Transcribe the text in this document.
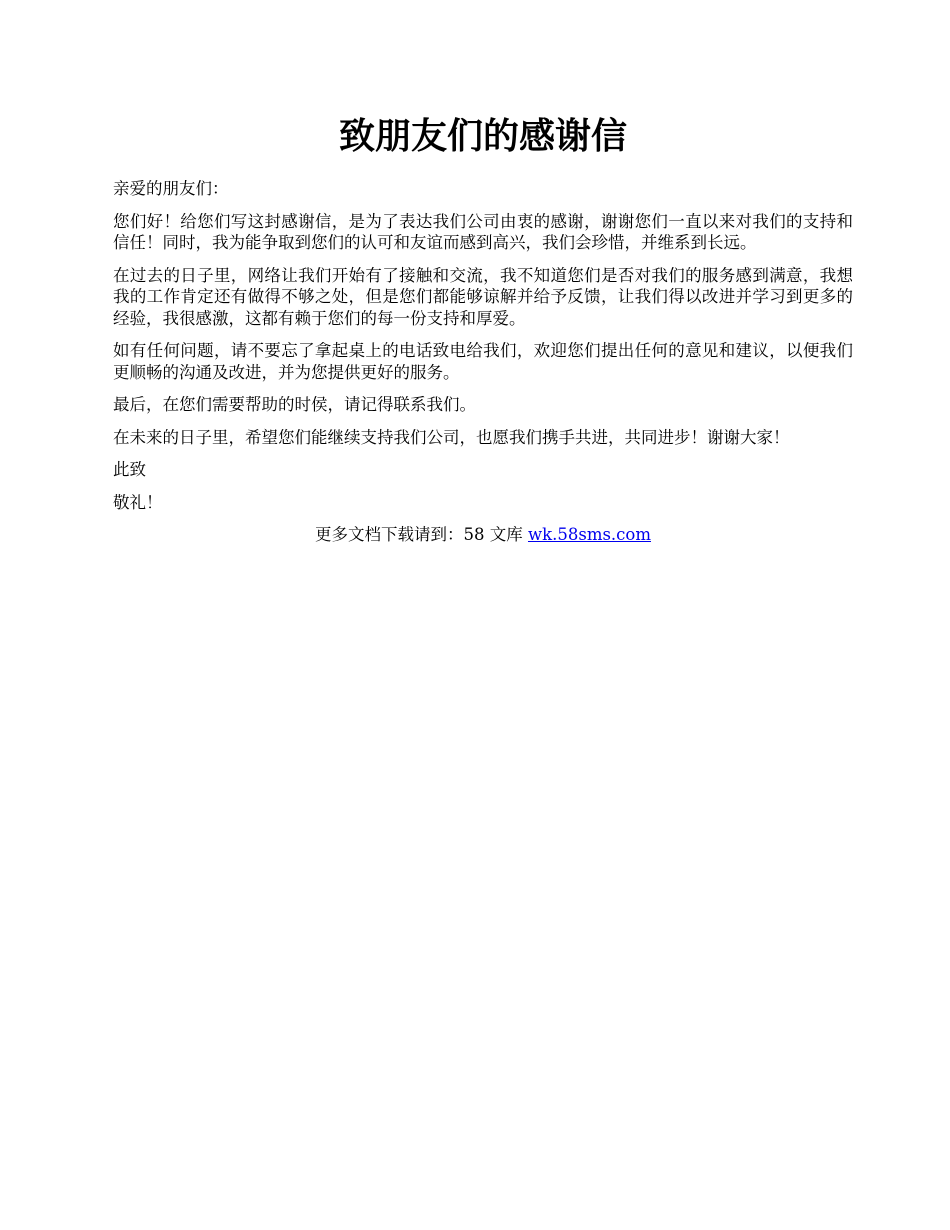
致朋友们的感谢信

亲爱的朋友们：

您们好！给您们写这封感谢信，是为了表达我们公司由衷的感谢，谢谢您们一直以来对我们的支持和信任！同时，我为能争取到您们的认可和友谊而感到高兴，我们会珍惜，并维系到长远。

在过去的日子里，网络让我们开始有了接触和交流，我不知道您们是否对我们的服务感到满意，我想我的工作肯定还有做得不够之处，但是您们都能够谅解并给予反馈，让我们得以改进并学习到更多的经验，我很感激，这都有赖于您们的每一份支持和厚爱。

如有任何问题，请不要忘了拿起桌上的电话致电给我们，欢迎您们提出任何的意见和建议，以便我们更顺畅的沟通及改进，并为您提供更好的服务。

最后，在您们需要帮助的时侯，请记得联系我们。

在未来的日子里，希望您们能继续支持我们公司，也愿我们携手共进，共同进步！谢谢大家！

此致

敬礼！

更多文档下载请到：58 文库 wk.58sms.com
